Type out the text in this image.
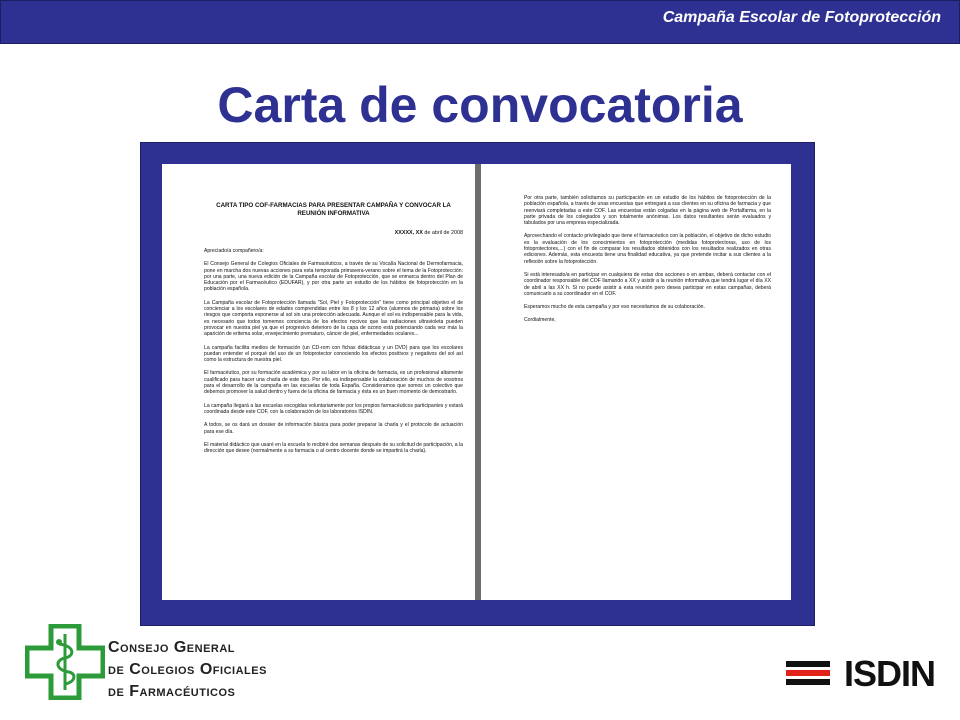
Campaña Escolar de Fotoprotección
Carta de convocatoria
CARTA TIPO COF-FARMACIAS PARA PRESENTAR CAMPAÑA Y CONVOCAR LA REUNIÓN INFORMATIVA
XXXXX, XX de abril de 2008

Apreciado/a compañero/a:

El Consejo General de Colegios Oficiales de Farmacéuticos, a través de su Vocalía Nacional de Dermofarmacia, pone en marcha dos nuevas acciones para esta temporada primavera-verano sobre el tema de la Fotoprotección: por una parte, una nueva edición de la Campaña escolar de Fotoprotección, que se enmarca dentro del Plan de Educación por el Farmacéutico (EDUFAR), y por otra parte un estudio de los hábitos de fotoprotección en la población española.

La Campaña escolar de Fotoprotección llamada "Sol, Piel y Fotoprotección" tiene como principal objetivo el de concienciar a los escolares de edades comprendidas entre los 8 y los 12 años (alumnos de primaria) sobre los riesgos que comporta exponerse al sol sin una protección adecuada. Aunque el sol es indispensable para la vida, es necesario que todos tomemos conciencia de los efectos nocivos que las radiaciones ultravioleta pueden provocar en nuestra piel ya que el progresivo deterioro de la capa de ozono está potenciando cada vez más la aparición de eritema solar, envejecimiento prematuro, cáncer de piel, enfermedades oculares...

La campaña facilita medios de formación (un CD-rom con fichas didácticas y un DVD) para que los escolares puedan entender el porqué del uso de un fotoprotector conociendo los efectos positivos y negativos del sol así como la estructura de nuestra piel.

El farmacéutico, por su formación académica y por su labor en la oficina de farmacia, es un profesional altamente cualificado para hacer una charla de este tipo. Por ello, es indispensable la colaboración de muchos de vosotros para el desarrollo de la campaña en las escuelas de toda España. Consideramos que somos un colectivo que debemos promover la salud dentro y fuera de la oficina de farmacia y ésta es un buen momento de demostrarlo.

La campaña llegará a las escuelas escogidas voluntariamente por los propios farmacéuticos participantes y estará coordinada desde este COF, con la colaboración de los laboratorios ISDIN.

A todos, se os dará un dossier de información básica para poder preparar la charla y el protocolo de actuación para ese día.

El material didáctico que usaré en la escuela lo recibiré dos semanas después de su solicitud de participación, a la dirección que desee (normalmente a su farmacia o al centro docente donde se impartirá la charla).

Por otra parte, también solicitamos su participación en un estudio de los hábitos de fotoprotección de la población española, a través de unas encuestas que entregará a sus clientes en su oficina de farmacia y que reenviará completadas a este COF. Las encuestas están colgadas en la página web de Portalfarma, en la parte privada de los colegiados y son totalmente anónimas. Los datos resultantes serán evaluados y tabulados por una empresa especializada.

Aprovechando el contacto privilegiado que tiene el farmacéutico con la población, el objetivo de dicho estudio es la evaluación de los conocimientos en fotoprotección (medidas fotoprotectoras, uso de los fotoprotectores,...) con el fin de comparar los resultados obtenidos con los resultados realizados en otras ediciones. Además, esta encuesta tiene una finalidad educativa, ya que pretende incitar a sus clientes a la reflexión sobre la fotoprotección.

Si está interesado/a en participar en cualquiera de estas dos acciones o en ambas, deberá contactar con el coordinador responsable del COF llamando a XX y asistir a la reunión informativa que tendrá lugar el día XX de abril a las XX h. Si no puede asistir a esta reunión pero desea participar en estas campañas, deberá comunicarlo a su coordinador en el COF.

Esperamos mucho de esta campaña y por eso necesitamos de su colaboración.

Cordialmente,

Consejo General
de Colegios Oficiales
de Farmacéuticos	ISDIN
